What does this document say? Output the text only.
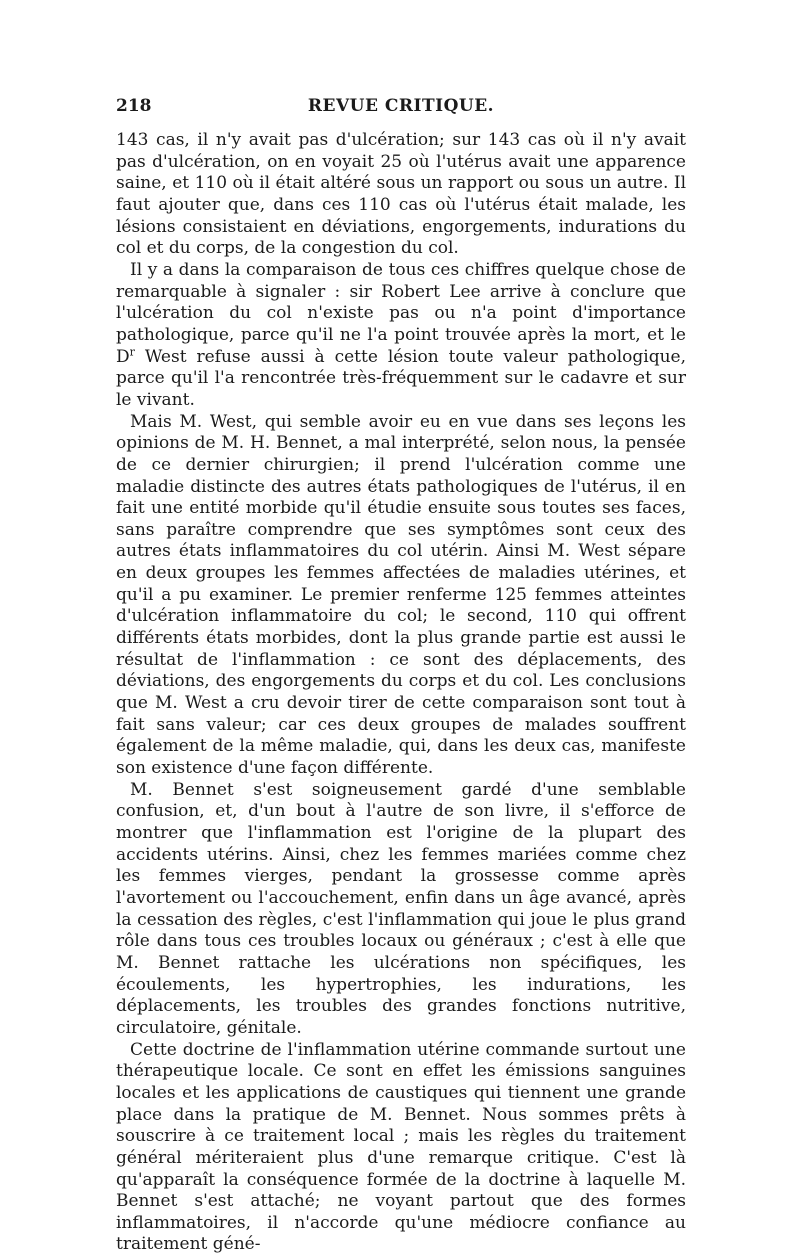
218	REVUE CRITIQUE.

143 cas, il n'y avait pas d'ulcération; sur 143 cas où il n'y avait pas d'ulcération, on en voyait 25 où l'utérus avait une apparence saine, et 110 où il était altéré sous un rapport ou sous un autre. Il faut ajouter que, dans ces 110 cas où l'utérus était malade, les lésions consistaient en déviations, engorgements, indurations du col et du corps, de la congestion du col.

Il y a dans la comparaison de tous ces chiffres quelque chose de remarquable à signaler : sir Robert Lee arrive à conclure que l'ulcération du col n'existe pas ou n'a point d'importance pathologique, parce qu'il ne l'a point trouvée après la mort, et le $D^r$ West refuse aussi à cette lésion toute valeur pathologique, parce qu'il l'a rencontrée très-fréquemment sur le cadavre et sur le vivant.

Mais M. West, qui semble avoir eu en vue dans ses leçons les opinions de M. H. Bennet, a mal interprété, selon nous, la pensée de ce dernier chirurgien; il prend l'ulcération comme une maladie distincte des autres états pathologiques de l'utérus, il en fait une entité morbide qu'il étudie ensuite sous toutes ses faces, sans paraître comprendre que ses symptômes sont ceux des autres états inflammatoires du col utérin. Ainsi M. West sépare en deux groupes les femmes affectées de maladies utérines, et qu'il a pu examiner. Le premier renferme 125 femmes atteintes d'ulcération inflammatoire du col; le second, 110 qui offrent différents états morbides, dont la plus grande partie est aussi le résultat de l'inflammation : ce sont des déplacements, des déviations, des engorgements du corps et du col. Les conclusions que M. West a cru devoir tirer de cette comparaison sont tout à fait sans valeur; car ces deux groupes de malades souffrent également de la même maladie, qui, dans les deux cas, manifeste son existence d'une façon différente.

M. Bennet s'est soigneusement gardé d'une semblable confusion, et, d'un bout à l'autre de son livre, il s'efforce de montrer que l'inflammation est l'origine de la plupart des accidents utérins. Ainsi, chez les femmes mariées comme chez les femmes vierges, pendant la grossesse comme après l'avortement ou l'accouchement, enfin dans un âge avancé, après la cessation des règles, c'est l'inflammation qui joue le plus grand rôle dans tous ces troubles locaux ou généraux ; c'est à elle que M. Bennet rattache les ulcérations non spécifiques, les écoulements, les hypertrophies, les indurations, les déplacements, les troubles des grandes fonctions nutritive, circulatoire, génitale.

Cette doctrine de l'inflammation utérine commande surtout une thérapeutique locale. Ce sont en effet les émissions sanguines locales et les applications de caustiques qui tiennent une grande place dans la pratique de M. Bennet. Nous sommes prêts à souscrire à ce traitement local ; mais les règles du traitement général mériteraient plus d'une remarque critique. C'est là qu'apparaît la conséquence formée de la doctrine à laquelle M. Bennet s'est attaché; ne voyant partout que des formes inflammatoires, il n'accorde qu'une médiocre confiance au traitement géné-
